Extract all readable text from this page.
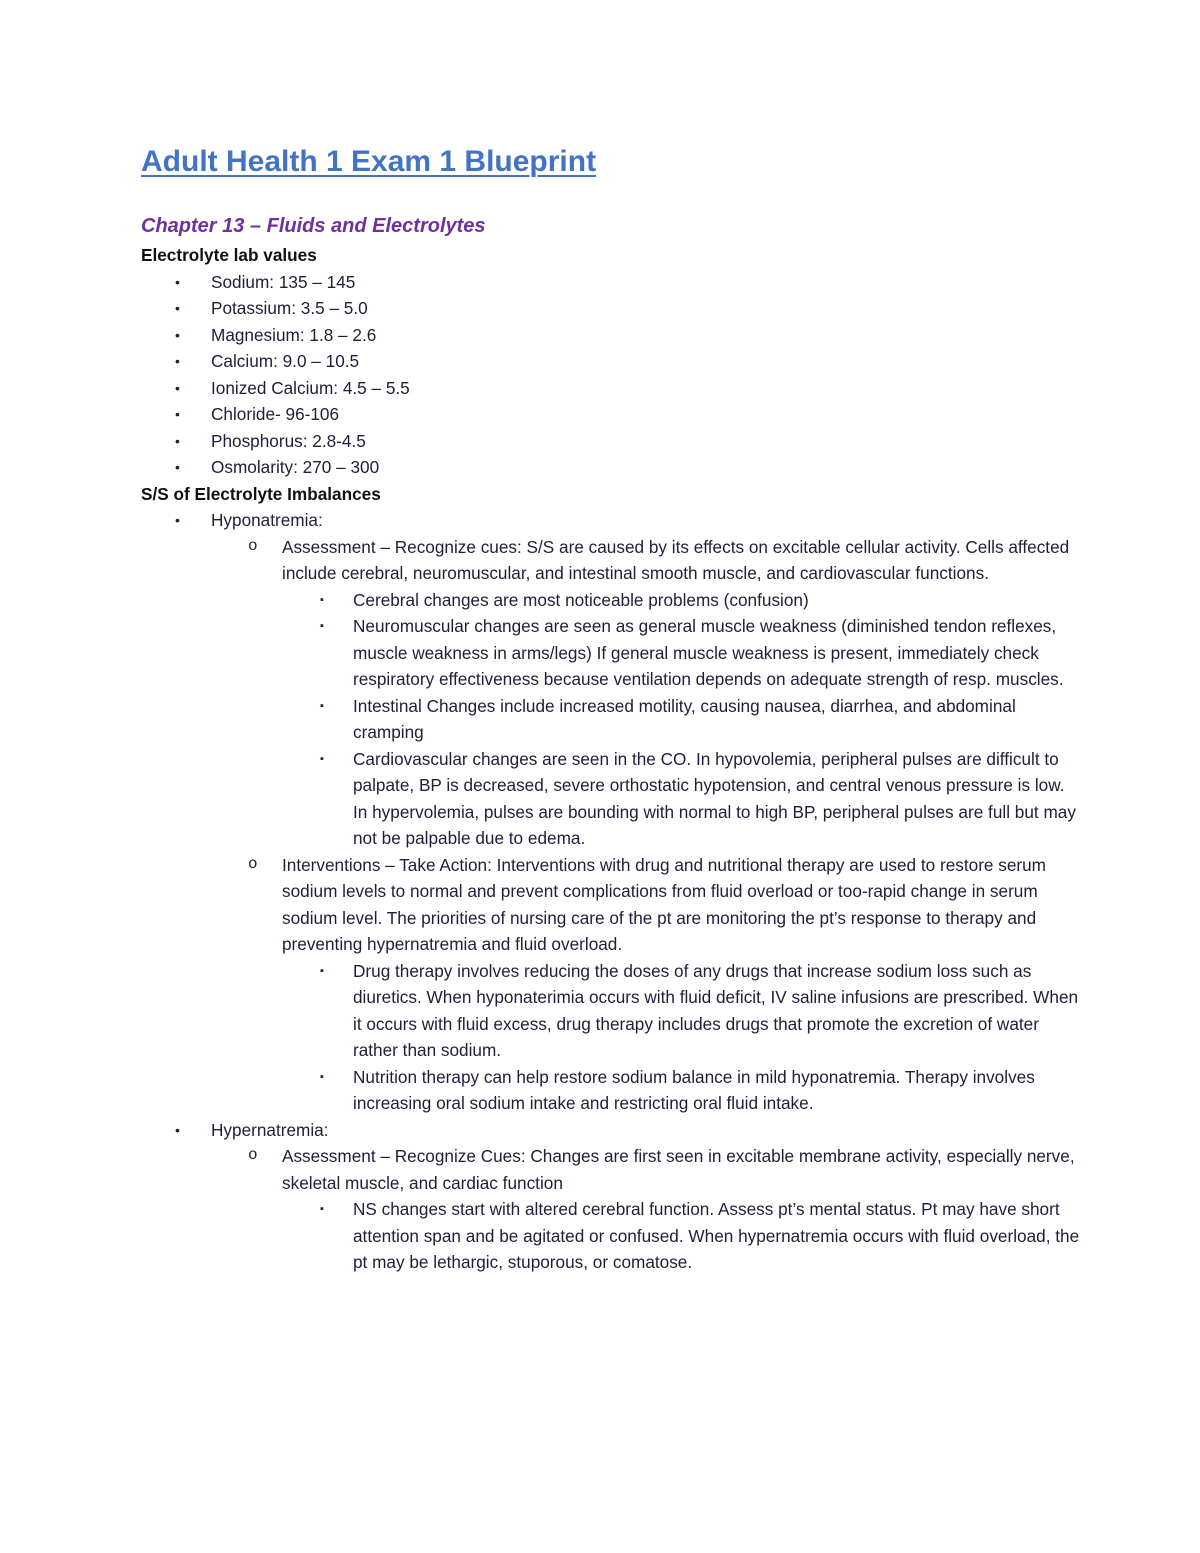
Adult Health 1 Exam 1 Blueprint
Chapter 13 – Fluids and Electrolytes

Electrolyte lab values

• Sodium: 135 – 145
• Potassium: 3.5 – 5.0
• Magnesium: 1.8 – 2.6
• Calcium: 9.0 – 10.5
• Ionized Calcium: 4.5 – 5.5
• Chloride- 96-106
• Phosphorus: 2.8-4.5
• Osmolarity: 270 – 300

S/S of Electrolyte Imbalances

• Hyponatremia:
o Assessment – Recognize cues: S/S are caused by its effects on excitable cellular activity. Cells affected include cerebral, neuromuscular, and intestinal smooth muscle, and cardiovascular functions.
▪ Cerebral changes are most noticeable problems (confusion)
▪ Neuromuscular changes are seen as general muscle weakness (diminished tendon reflexes, muscle weakness in arms/legs) If general muscle weakness is present, immediately check respiratory effectiveness because ventilation depends on adequate strength of resp. muscles.
▪ Intestinal Changes include increased motility, causing nausea, diarrhea, and abdominal cramping
▪ Cardiovascular changes are seen in the CO. In hypovolemia, peripheral pulses are difficult to palpate, BP is decreased, severe orthostatic hypotension, and central venous pressure is low. In hypervolemia, pulses are bounding with normal to high BP, peripheral pulses are full but may not be palpable due to edema.
o Interventions – Take Action: Interventions with drug and nutritional therapy are used to restore serum sodium levels to normal and prevent complications from fluid overload or too-rapid change in serum sodium level. The priorities of nursing care of the pt are monitoring the pt’s response to therapy and preventing hypernatremia and fluid overload.
▪ Drug therapy involves reducing the doses of any drugs that increase sodium loss such as diuretics. When hyponaterimia occurs with fluid deficit, IV saline infusions are prescribed. When it occurs with fluid excess, drug therapy includes drugs that promote the excretion of water rather than sodium.
▪ Nutrition therapy can help restore sodium balance in mild hyponatremia. Therapy involves increasing oral sodium intake and restricting oral fluid intake.
• Hypernatremia:
o Assessment – Recognize Cues: Changes are first seen in excitable membrane activity, especially nerve, skeletal muscle, and cardiac function
▪ NS changes start with altered cerebral function. Assess pt’s mental status. Pt may have short attention span and be agitated or confused. When hypernatremia occurs with fluid overload, the pt may be lethargic, stuporous, or comatose.
